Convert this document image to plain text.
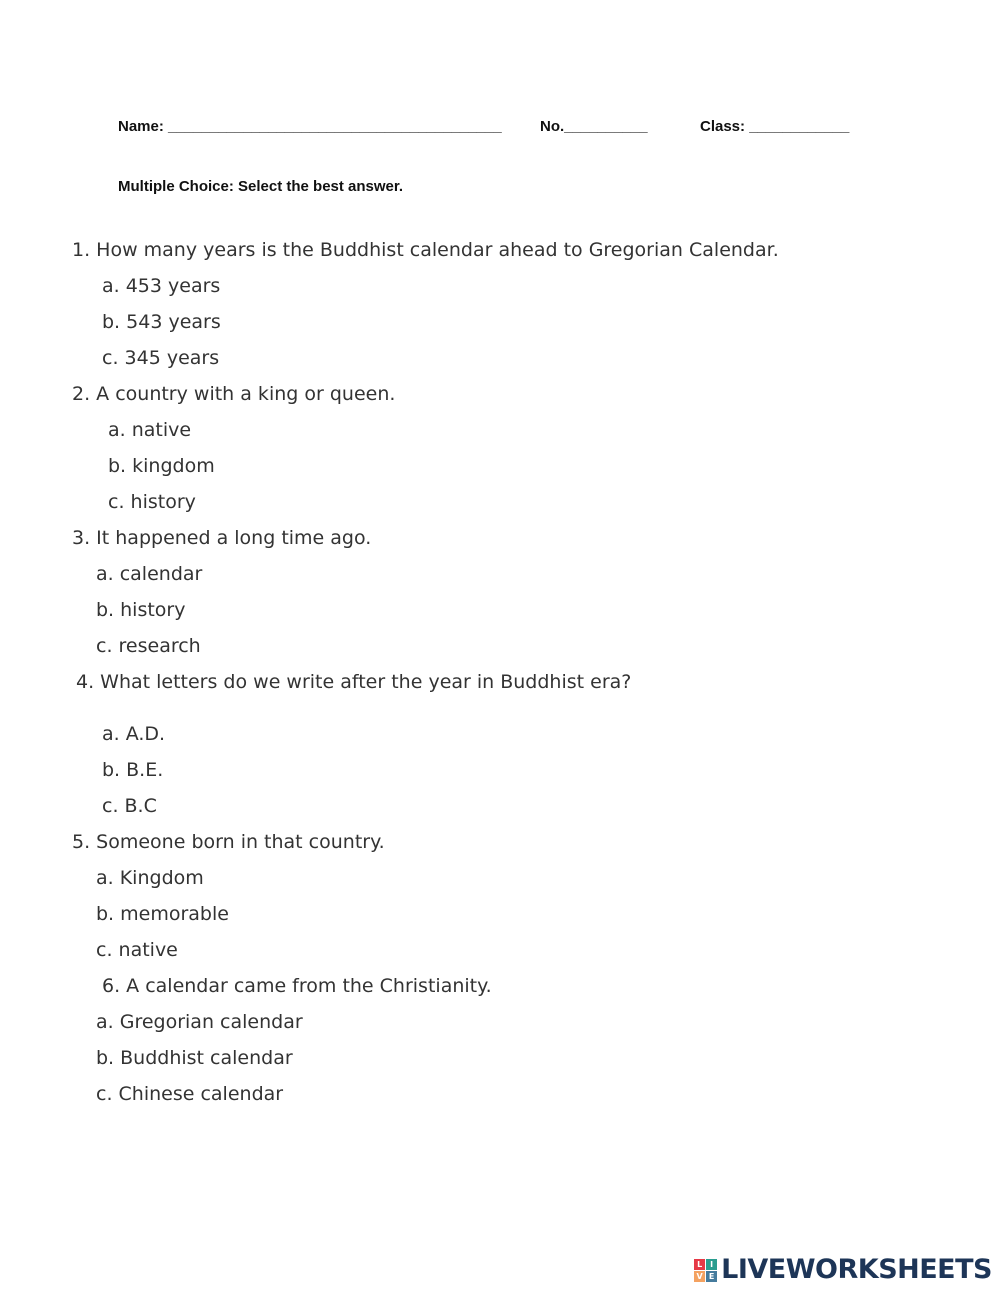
Name: ________________________________________	No.__________	Class: ____________
Multiple Choice: Select the best answer.
1. How many years is the Buddhist calendar ahead to Gregorian Calendar.
a. 453 years
b. 543 years
c. 345 years
2. A country with a king or queen.
a. native
b. kingdom
c. history
3. It happened a long time ago.
a. calendar
b. history
c. research
4. What letters do we write after the year in Buddhist era?
a. A.D.
b. B.E.
c. B.C
5. Someone born in that country.
a. Kingdom
b. memorable
c. native
6. A calendar came from the Christianity.
a. Gregorian calendar
b. Buddhist calendar
c. Chinese calendar
L I
V E LIVEWORKSHEETS
